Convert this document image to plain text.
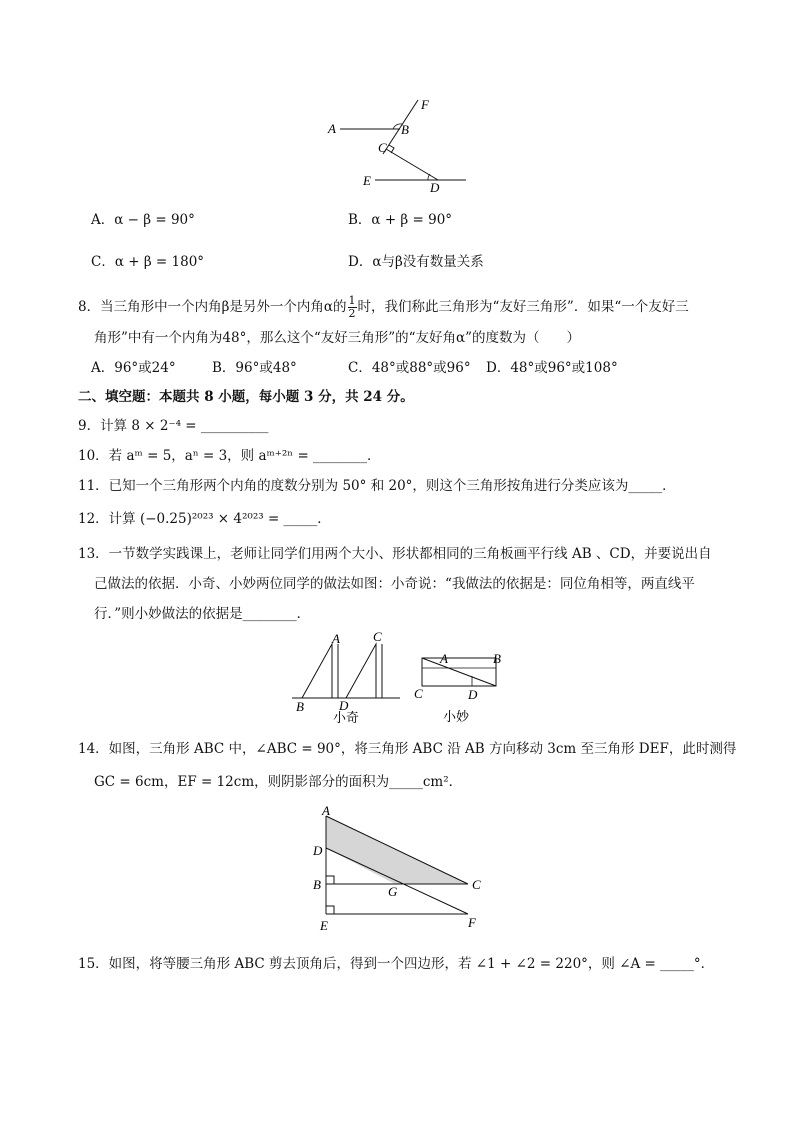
A	B
C
D
E
F
A．α − β = 90°	B．α + β = 90°
C．α + β = 180°	D．α与β没有数量关系
8．当三角形中一个内角β是另外一个内角α的 $\frac{1}{2}$ 时，我们称此三角形为“友好三角形”．如果“一个友好三
角形”中有一个内角为48°，那么这个“友好三角形”的“友好角α”的度数为（　　）
A．96°或24°	B．96°或48°	C．48°或88°或96° D．48°或96°或108°
二、填空题：本题共 8 小题，每小题 3 分，共 24 分。
9．计算 8 × 2⁻⁴ = __________
10．若 aᵐ = 5，aⁿ = 3，则 aᵐ⁺²ⁿ = ________．
11．已知一个三角形两个内角的度数分别为 50° 和 20°，则这个三角形按角进行分类应该为_____．
12．计算 (−0.25)²⁰²³ × 4²⁰²³ = _____．
13．一节数学实践课上，老师让同学们用两个大小、形状都相同的三角板画平行线 AB 、CD，并要说出自
己做法的依据．小奇、小妙两位同学的做法如图：小奇说：“我做法的依据是：同位角相等，两直线平
行．”则小妙做法的依据是________．
A	C
B	D
小奇
A	B
C	D
小妙
14．如图，三角形 ABC 中，∠ABC = 90°，将三角形 ABC 沿 AB 方向移动 3cm 至三角形 DEF，此时测得
GC = 6cm，EF = 12cm，则阴影部分的面积为_____cm²．
A
D
B
E
G	C
F
15．如图，将等腰三角形 ABC 剪去顶角后，得到一个四边形，若 ∠1 + ∠2 = 220°，则 ∠A = _____°．
